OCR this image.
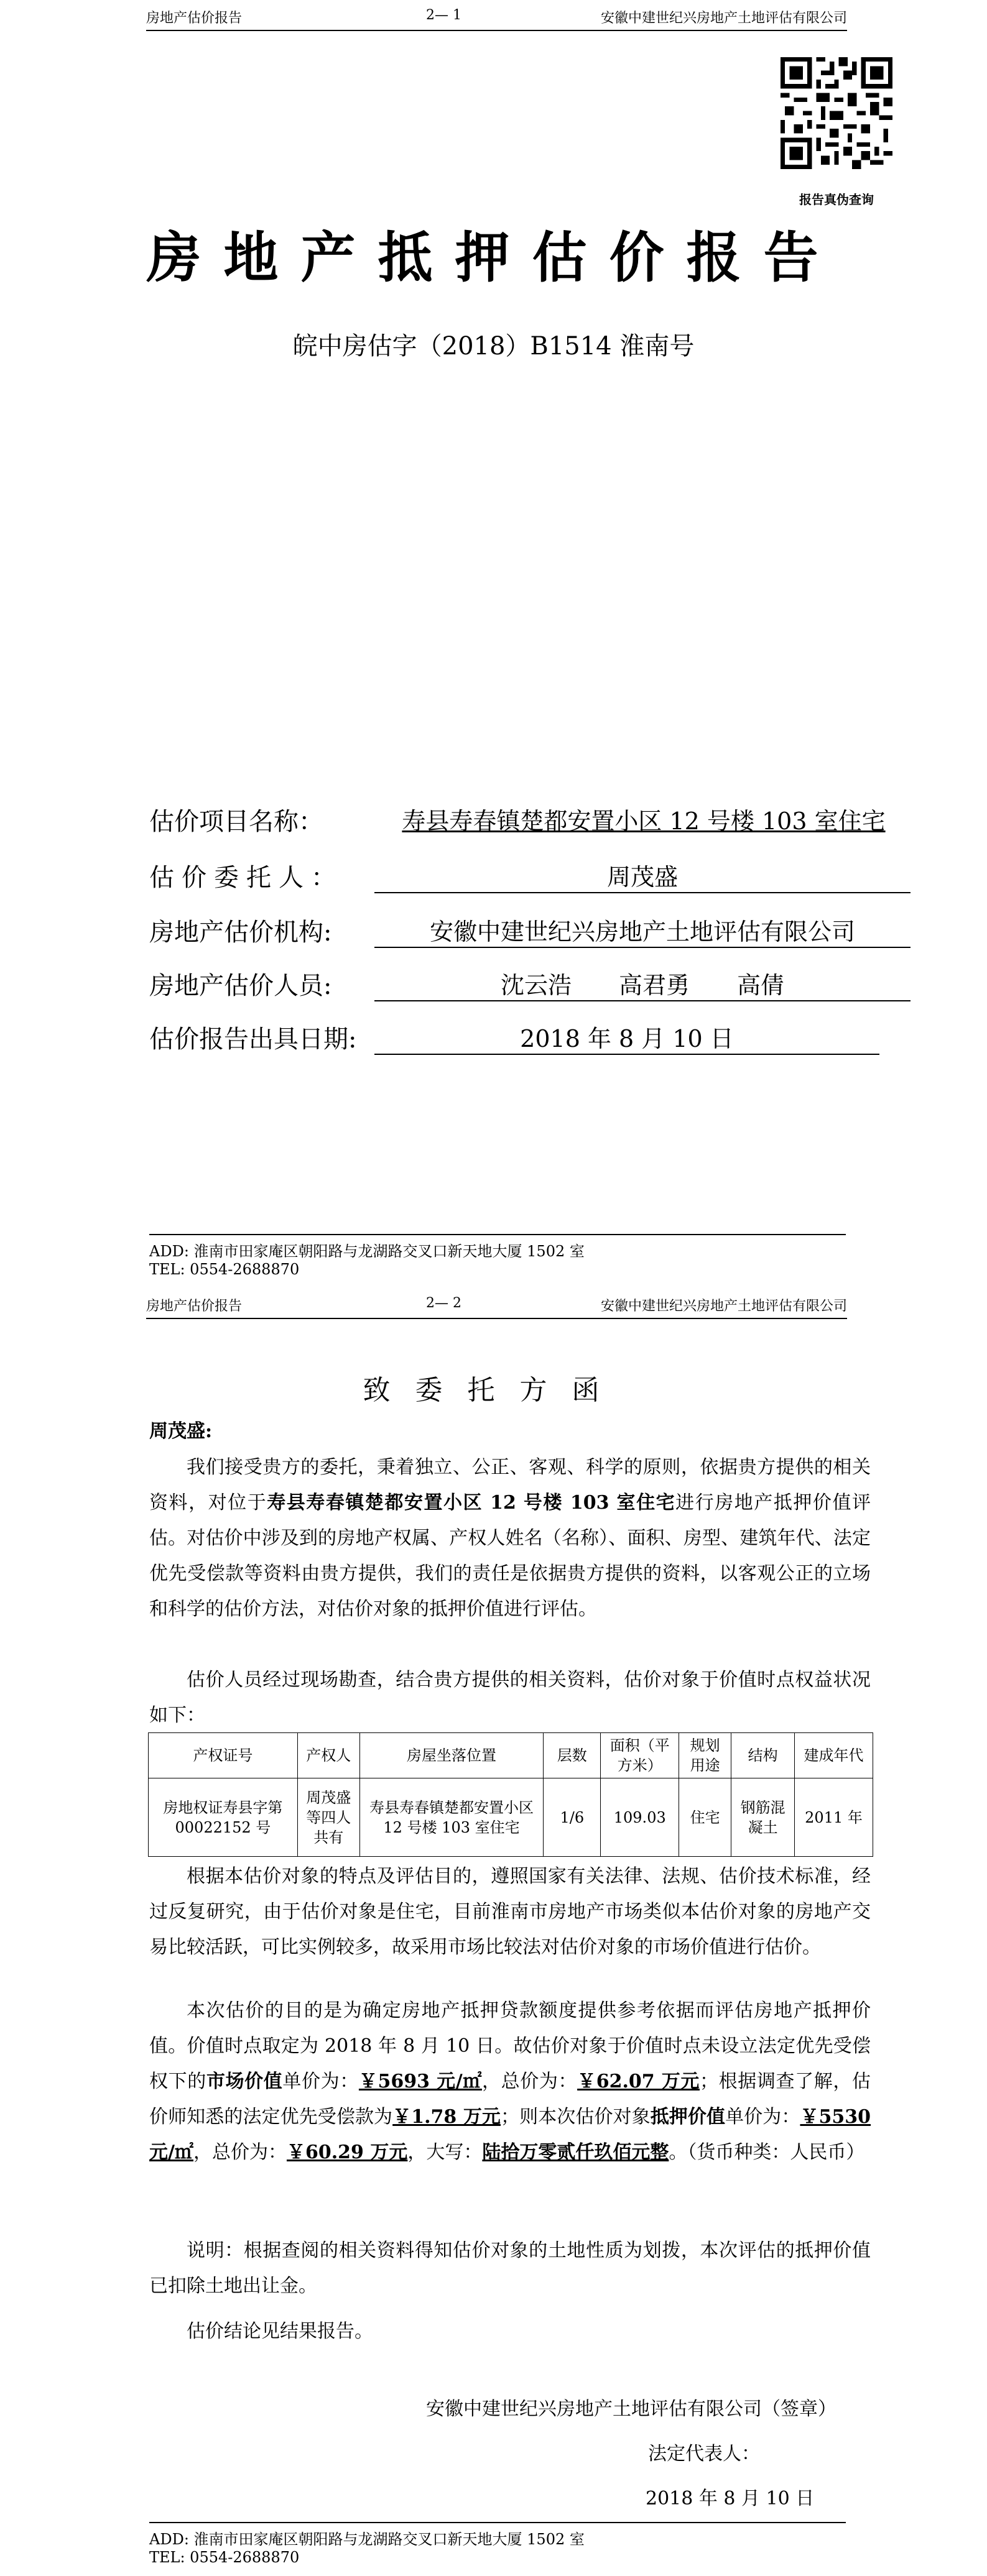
房地产估价报告	2— 1	安徽中建世纪兴房地产土地评估有限公司
报告真伪查询
房地产抵押估价报告
皖中房估字（2018）B1514 淮南号
估价项目名称：	寿县寿春镇楚都安置小区 12 号楼 103 室住宅
估价委托人：	周茂盛
房地产估价机构:	安徽中建世纪兴房地产土地评估有限公司
房地产估价人员:	沈云浩　　高君勇　　高倩
估价报告出具日期:	2018 年 8 月 10 日
ADD: 淮南市田家庵区朝阳路与龙湖路交叉口新天地大厦 1502 室
TEL: 0554-2688870
房地产估价报告	2— 2	安徽中建世纪兴房地产土地评估有限公司
致委托方函
周茂盛:
我们接受贵方的委托，秉着独立、公正、客观、科学的原则，依据贵方提供的相关资料，对位于寿县寿春镇楚都安置小区 12 号楼 103 室住宅进行房地产抵押价值评估。对估价中涉及到的房地产权属、产权人姓名（名称）、面积、房型、建筑年代、法定优先受偿款等资料由贵方提供，我们的责任是依据贵方提供的资料，以客观公正的立场和科学的估价方法，对估价对象的抵押价值进行评估。
估价人员经过现场勘查，结合贵方提供的相关资料，估价对象于价值时点权益状况如下：
产权证号	产权人	房屋坐落位置	层数	面积（平方米）	规划用途	结构	建成年代
房地权证寿县字第 00022152 号	周茂盛等四人共有	寿县寿春镇楚都安置小区 12 号楼 103 室住宅	1/6	109.03	住宅	钢筋混凝土	2011 年
根据本估价对象的特点及评估目的，遵照国家有关法律、法规、估价技术标准，经过反复研究，由于估价对象是住宅，目前淮南市房地产市场类似本估价对象的房地产交易比较活跃，可比实例较多，故采用市场比较法对估价对象的市场价值进行估价。
本次估价的目的是为确定房地产抵押贷款额度提供参考依据而评估房地产抵押价值。价值时点取定为 2018 年 8 月 10 日。故估价对象于价值时点未设立法定优先受偿权下的市场价值单价为：￥5693 元/㎡，总价为：￥62.07 万元；根据调查了解，估价师知悉的法定优先受偿款为￥1.78 万元；则本次估价对象抵押价值单价为：￥5530 元/㎡，总价为：￥60.29 万元，大写：陆拾万零贰仟玖佰元整。（货币种类：人民币）
说明：根据查阅的相关资料得知估价对象的土地性质为划拨，本次评估的抵押价值已扣除土地出让金。
估价结论见结果报告。
安徽中建世纪兴房地产土地评估有限公司（签章）
法定代表人：
2018 年 8 月 10 日
ADD: 淮南市田家庵区朝阳路与龙湖路交叉口新天地大厦 1502 室
TEL: 0554-2688870
